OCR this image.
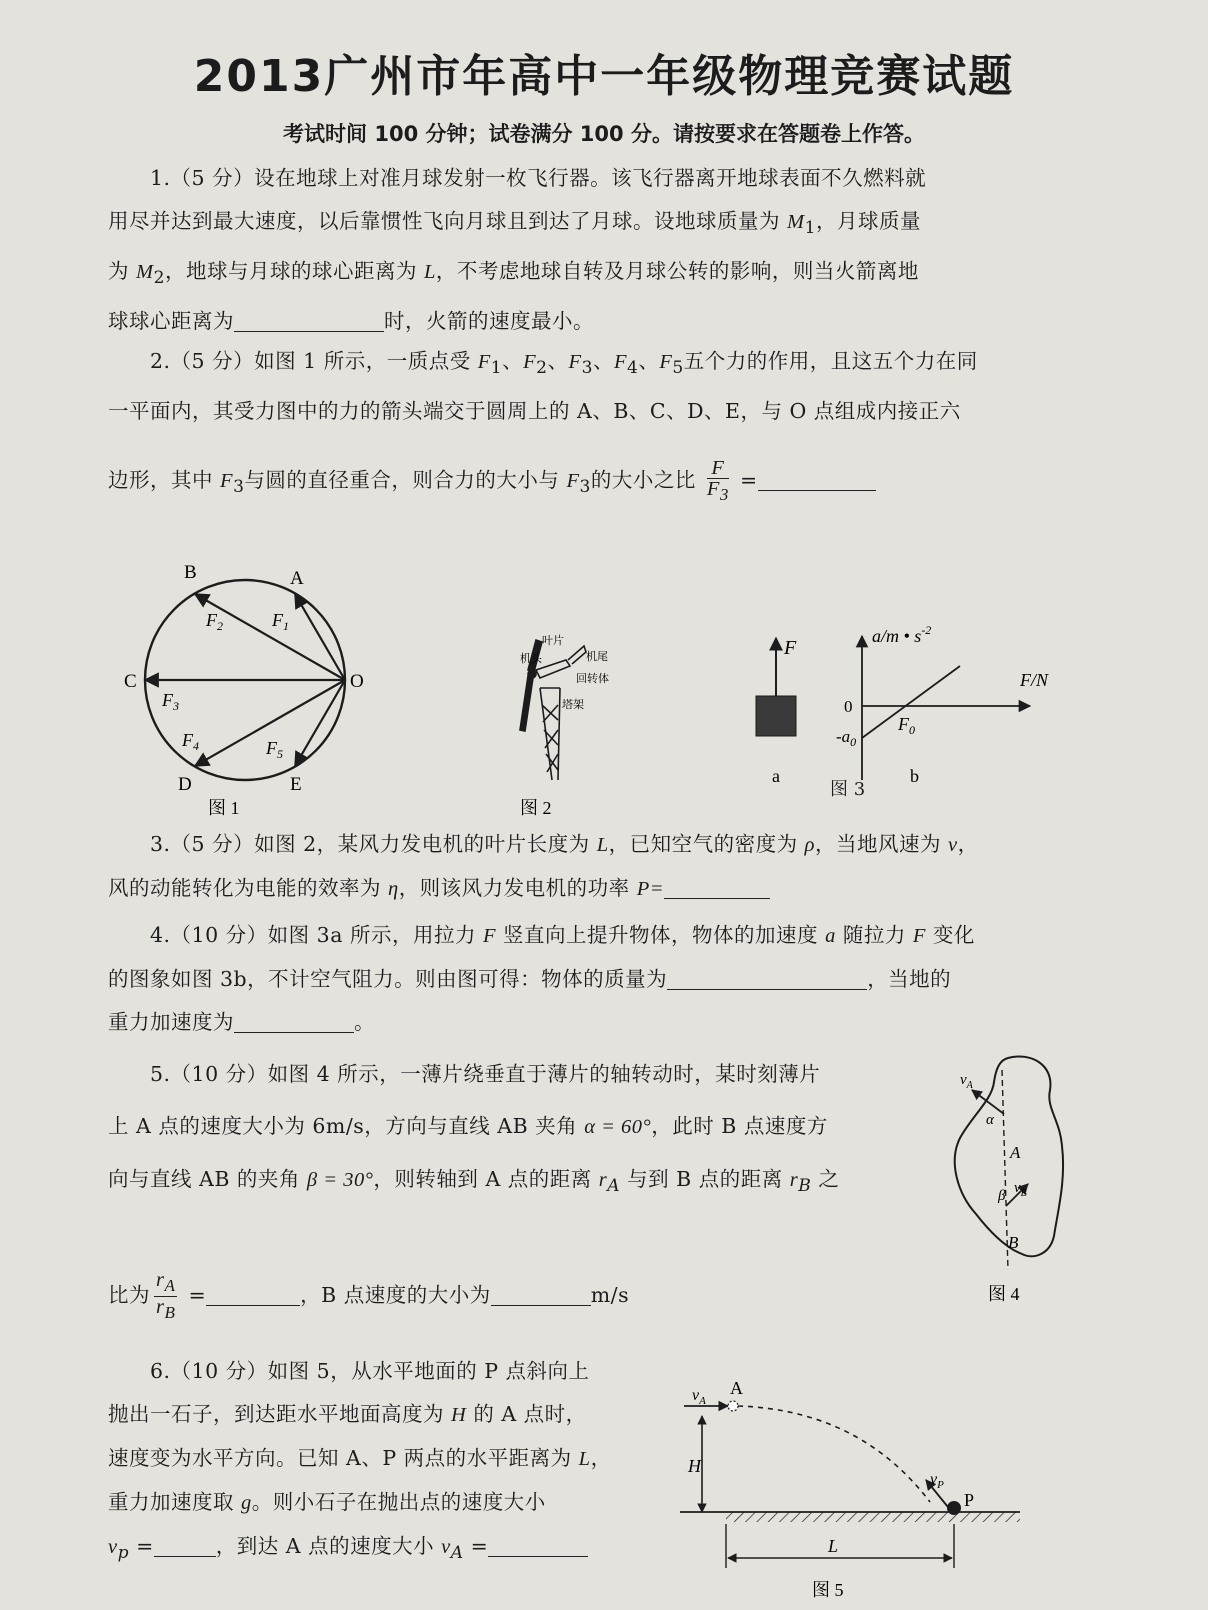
2013广州市年高中一年级物理竞赛试题
考试时间 100 分钟；试卷满分 100 分。请按要求在答题卷上作答。

1.（5 分）设在地球上对准月球发射一枚飞行器。该飞行器离开地球表面不久燃料就

用尽并达到最大速度，以后靠惯性飞向月球且到达了月球。设地球质量为 $M_1$，月球质量

为 $M_2$，地球与月球的球心距离为 L，不考虑地球自转及月球公转的影响，则当火箭离地

球球心距离为	时，火箭的速度最小。

2.（5 分）如图 1 所示，一质点受 $F_1$、$F_2$、$F_3$、$F_4$、$F_5$五个力的作用，且这五个力在同

一平面内，其受力图中的力的箭头端交于圆周上的 A、B、C、D、E，与 O 点组成内接正六

边形，其中 $F_3$与圆的直径重合，则合力的大小与 $F_3$的大小之比 $\frac{F}{F_3}$ =
A
B
C
D	E
O
$F_1$
$F_2$
$F_3$
$F_4$	$F_5$
图 1
叶片
机头	机尾
回转体
塔架
图 2
F
a
a/m • $s^{-2}$
F/N
0
$F_0$
$-a_0$
b
图 3

3.（5 分）如图 2，某风力发电机的叶片长度为 L，已知空气的密度为 ρ，当地风速为 v，

风的动能转化为电能的效率为 η，则该风力发电机的功率 P=

4.（10 分）如图 3a 所示，用拉力 F 竖直向上提升物体，物体的加速度 a 随拉力 F 变化

的图象如图 3b，不计空气阻力。则由图可得：物体的质量为	，当地的

重力加速度为	。

5.（10 分）如图 4 所示，一薄片绕垂直于薄片的轴转动时，某时刻薄片

上 A 点的速度大小为 6m/s，方向与直线 AB 夹角 α = 60°，此时 B 点速度方

向与直线 AB 的夹角 β = 30°，则转轴到 A 点的距离 $r_A$ 与到 B 点的距离 $r_B$ 之

比为 $\frac{r_A}{r_B}$ =	，B 点速度的大小为	m/s
$v_A$
α
A
β $v_B$
B
图 4

6.（10 分）如图 5，从水平地面的 P 点斜向上

抛出一石子，到达距水平地面高度为 H 的 A 点时，

速度变为水平方向。已知 A、P 两点的水平距离为 L，

重力加速度取 g。则小石子在抛出点的速度大小

$v_p$ =	，到达 A 点的速度大小 $v_A$ =

$v_A$
A
H
$v_P$
P
L
图 5
